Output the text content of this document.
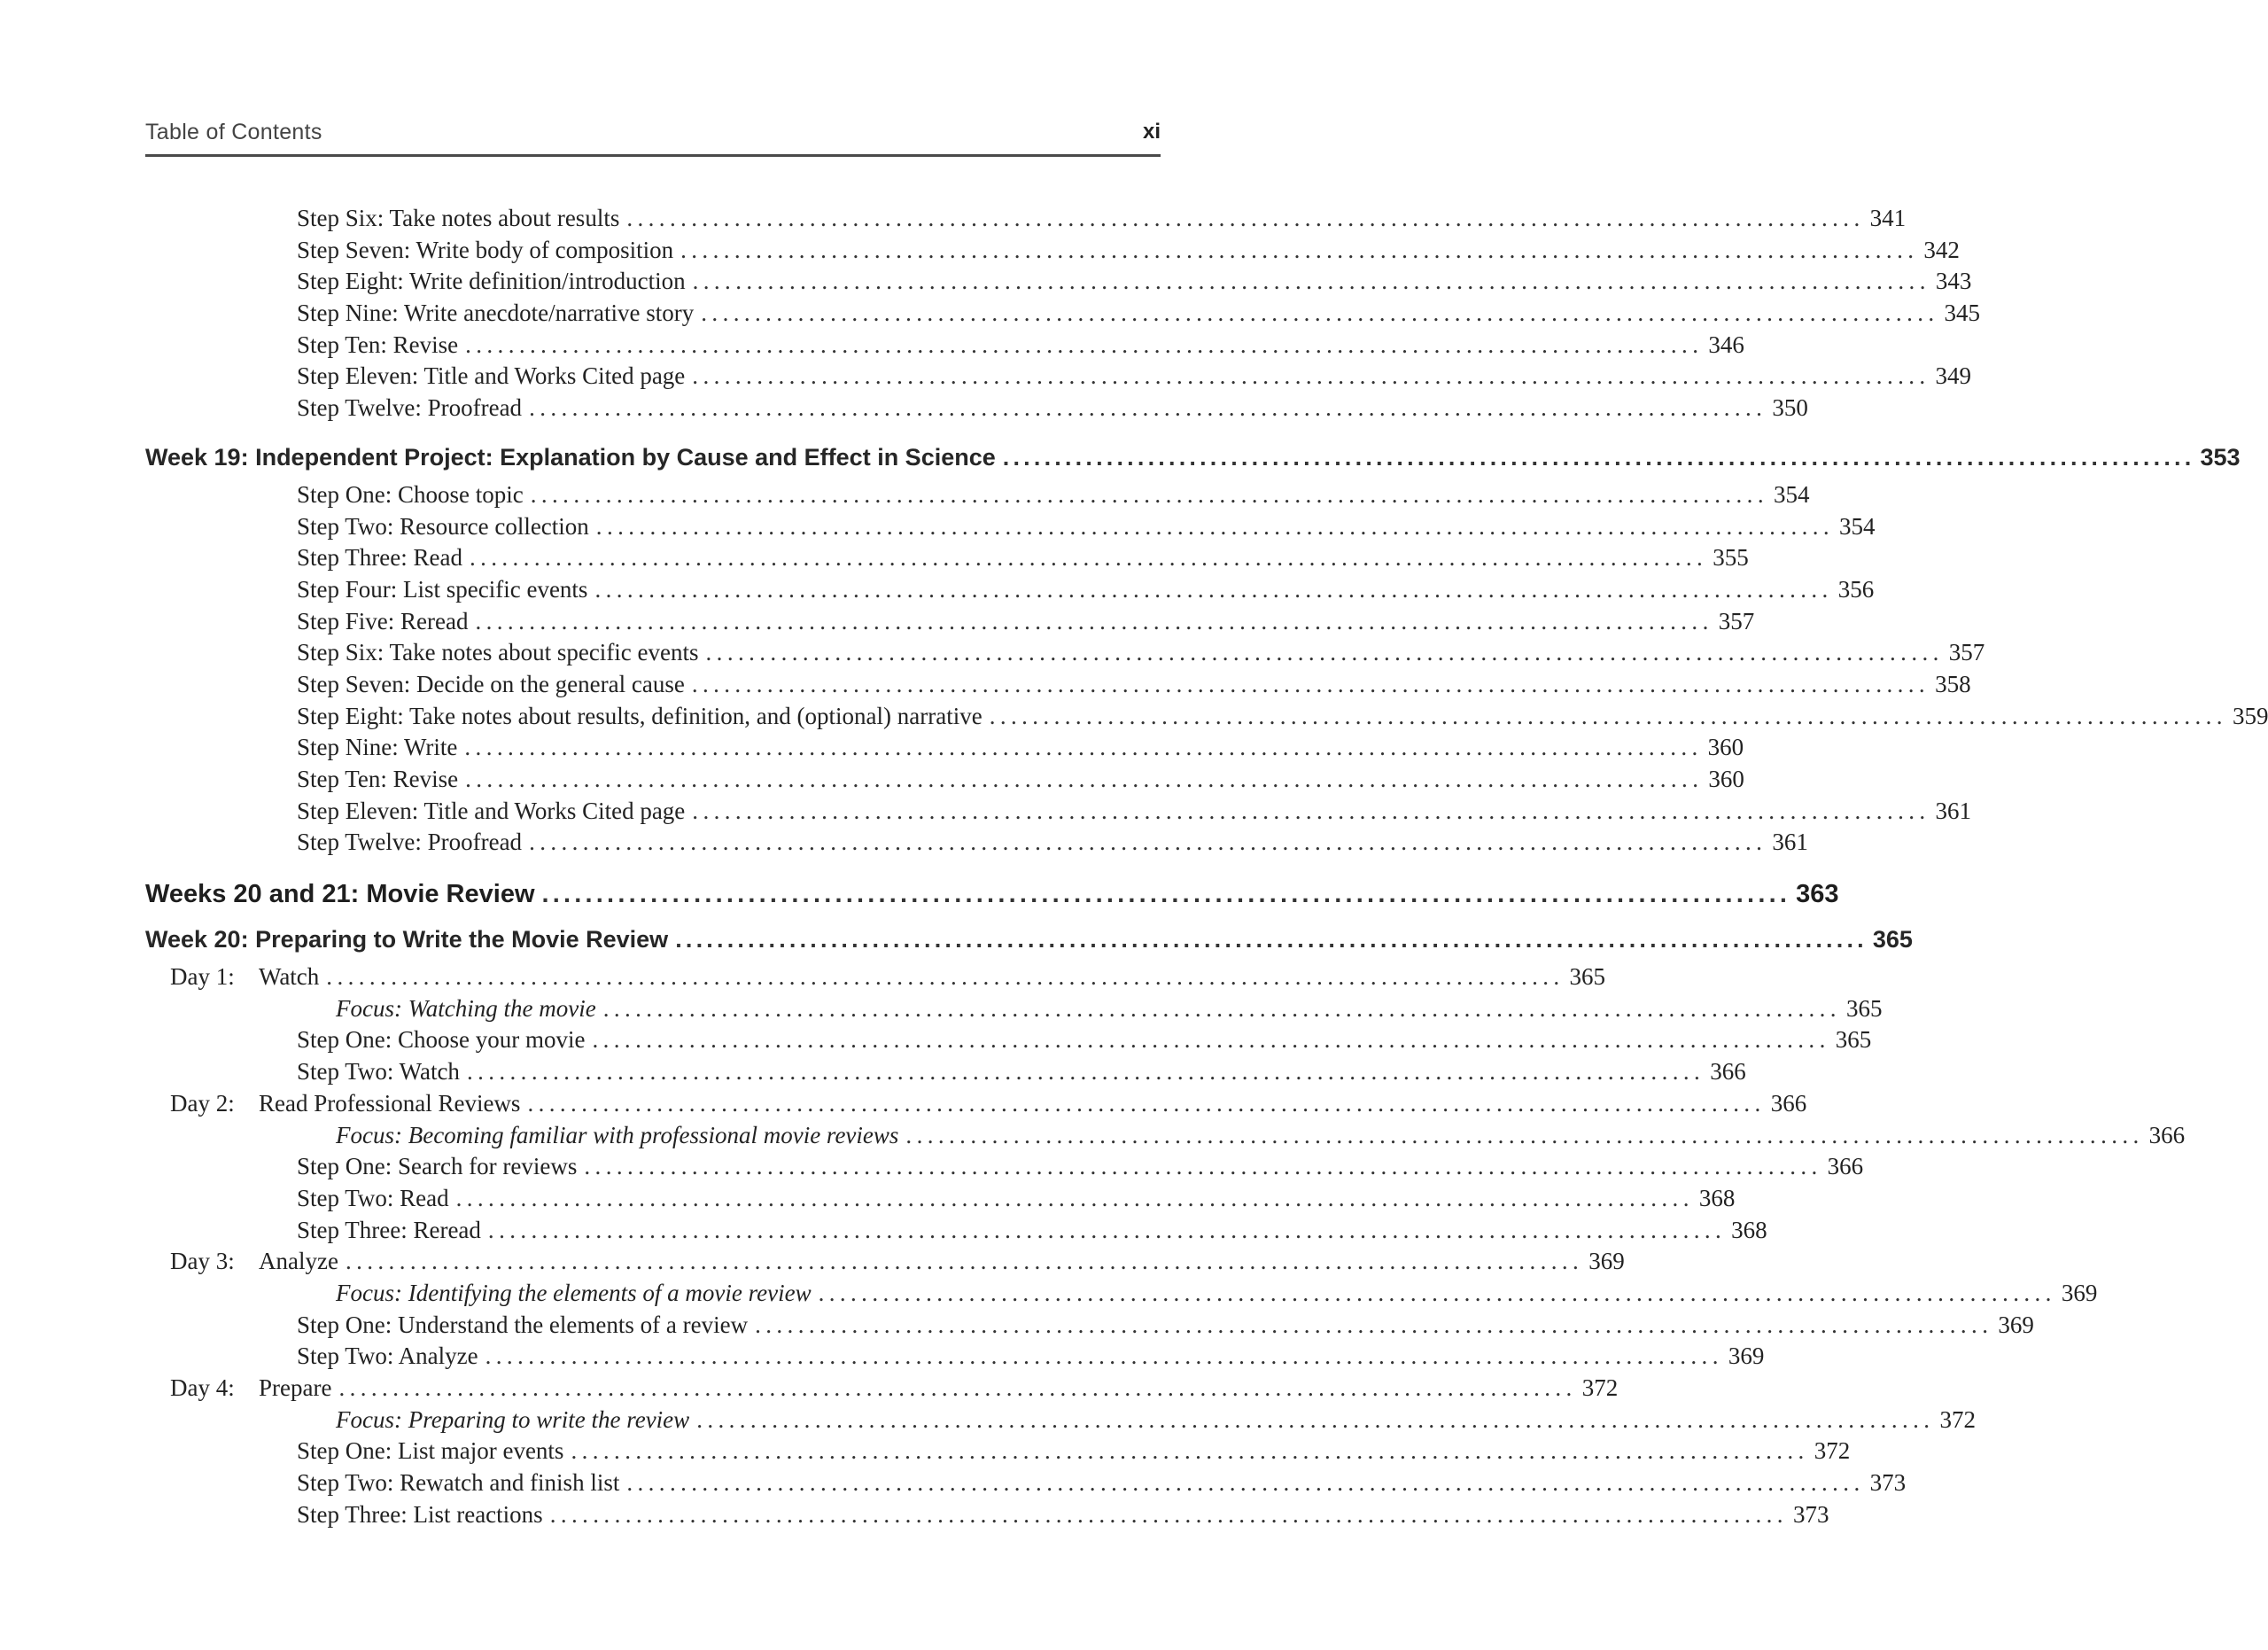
Table of Contents	xi
Step Six: Take notes about results ................................................................................................................... 341
Step Seven: Write body of composition ................................................................................................................... 342
Step Eight: Write definition/introduction ................................................................................................................... 343
Step Nine: Write anecdote/narrative story ................................................................................................................... 345
Step Ten: Revise ................................................................................................................... 346
Step Eleven: Title and Works Cited page ................................................................................................................... 349
Step Twelve: Proofread ................................................................................................................... 350
Week 19: Independent Project: Explanation by Cause and Effect in Science ................................................................................................................... 353
Step One: Choose topic ................................................................................................................... 354
Step Two: Resource collection ................................................................................................................... 354
Step Three: Read ................................................................................................................... 355
Step Four: List specific events ................................................................................................................... 356
Step Five: Reread ................................................................................................................... 357
Step Six: Take notes about specific events ................................................................................................................... 357
Step Seven: Decide on the general cause ................................................................................................................... 358
Step Eight: Take notes about results, definition, and (optional) narrative ................................................................................................................... 359
Step Nine: Write ................................................................................................................... 360
Step Ten: Revise ................................................................................................................... 360
Step Eleven: Title and Works Cited page ................................................................................................................... 361
Step Twelve: Proofread ................................................................................................................... 361
Weeks 20 and 21: Movie Review ................................................................................................................... 363
Week 20: Preparing to Write the Movie Review ................................................................................................................... 365
Day 1:	Watch ................................................................................................................... 365
Focus: Watching the movie ................................................................................................................... 365
Step One: Choose your movie ................................................................................................................... 365
Step Two: Watch ................................................................................................................... 366
Day 2:	Read Professional Reviews ................................................................................................................... 366
Focus: Becoming familiar with professional movie reviews ................................................................................................................... 366
Step One: Search for reviews ................................................................................................................... 366
Step Two: Read ................................................................................................................... 368
Step Three: Reread ................................................................................................................... 368
Day 3:	Analyze ................................................................................................................... 369
Focus: Identifying the elements of a movie review ................................................................................................................... 369
Step One: Understand the elements of a review ................................................................................................................... 369
Step Two: Analyze ................................................................................................................... 369
Day 4:	Prepare ................................................................................................................... 372
Focus: Preparing to write the review ................................................................................................................... 372
Step One: List major events ................................................................................................................... 372
Step Two: Rewatch and finish list ................................................................................................................... 373
Step Three: List reactions ................................................................................................................... 373
